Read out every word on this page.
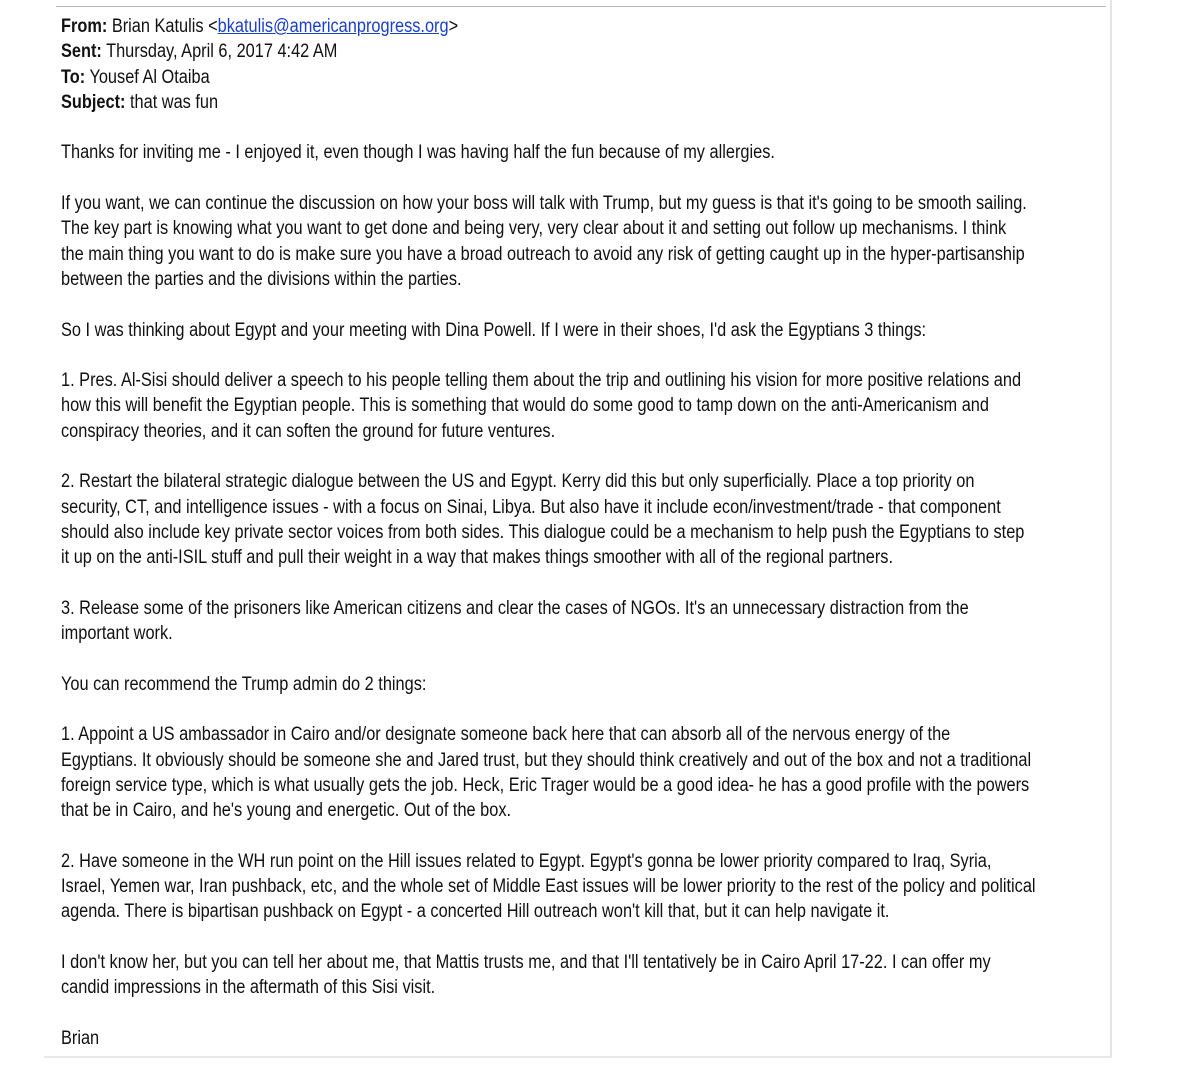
From: Brian Katulis <bkatulis@americanprogress.org>
Sent: Thursday, April 6, 2017 4:42 AM
To: Yousef Al Otaiba
Subject: that was fun

Thanks for inviting me - I enjoyed it, even though I was having half the fun because of my allergies.

If you want, we can continue the discussion on how your boss will talk with Trump, but my guess is that it's going to be smooth sailing.
The key part is knowing what you want to get done and being very, very clear about it and setting out follow up mechanisms. I think
the main thing you want to do is make sure you have a broad outreach to avoid any risk of getting caught up in the hyper-partisanship
between the parties and the divisions within the parties.

So I was thinking about Egypt and your meeting with Dina Powell. If I were in their shoes, I'd ask the Egyptians 3 things:

1. Pres. Al-Sisi should deliver a speech to his people telling them about the trip and outlining his vision for more positive relations and
how this will benefit the Egyptian people. This is something that would do some good to tamp down on the anti-Americanism and
conspiracy theories, and it can soften the ground for future ventures.

2. Restart the bilateral strategic dialogue between the US and Egypt. Kerry did this but only superficially. Place a top priority on
security, CT, and intelligence issues - with a focus on Sinai, Libya. But also have it include econ/investment/trade - that component
should also include key private sector voices from both sides. This dialogue could be a mechanism to help push the Egyptians to step
it up on the anti-ISIL stuff and pull their weight in a way that makes things smoother with all of the regional partners.

3. Release some of the prisoners like American citizens and clear the cases of NGOs. It's an unnecessary distraction from the
important work.

You can recommend the Trump admin do 2 things:

1. Appoint a US ambassador in Cairo and/or designate someone back here that can absorb all of the nervous energy of the
Egyptians. It obviously should be someone she and Jared trust, but they should think creatively and out of the box and not a traditional
foreign service type, which is what usually gets the job. Heck, Eric Trager would be a good idea- he has a good profile with the powers
that be in Cairo, and he's young and energetic. Out of the box.

2. Have someone in the WH run point on the Hill issues related to Egypt. Egypt's gonna be lower priority compared to Iraq, Syria,
Israel, Yemen war, Iran pushback, etc, and the whole set of Middle East issues will be lower priority to the rest of the policy and political
agenda. There is bipartisan pushback on Egypt - a concerted Hill outreach won't kill that, but it can help navigate it.

I don't know her, but you can tell her about me, that Mattis trusts me, and that I'll tentatively be in Cairo April 17-22. I can offer my
candid impressions in the aftermath of this Sisi visit.

Brian
